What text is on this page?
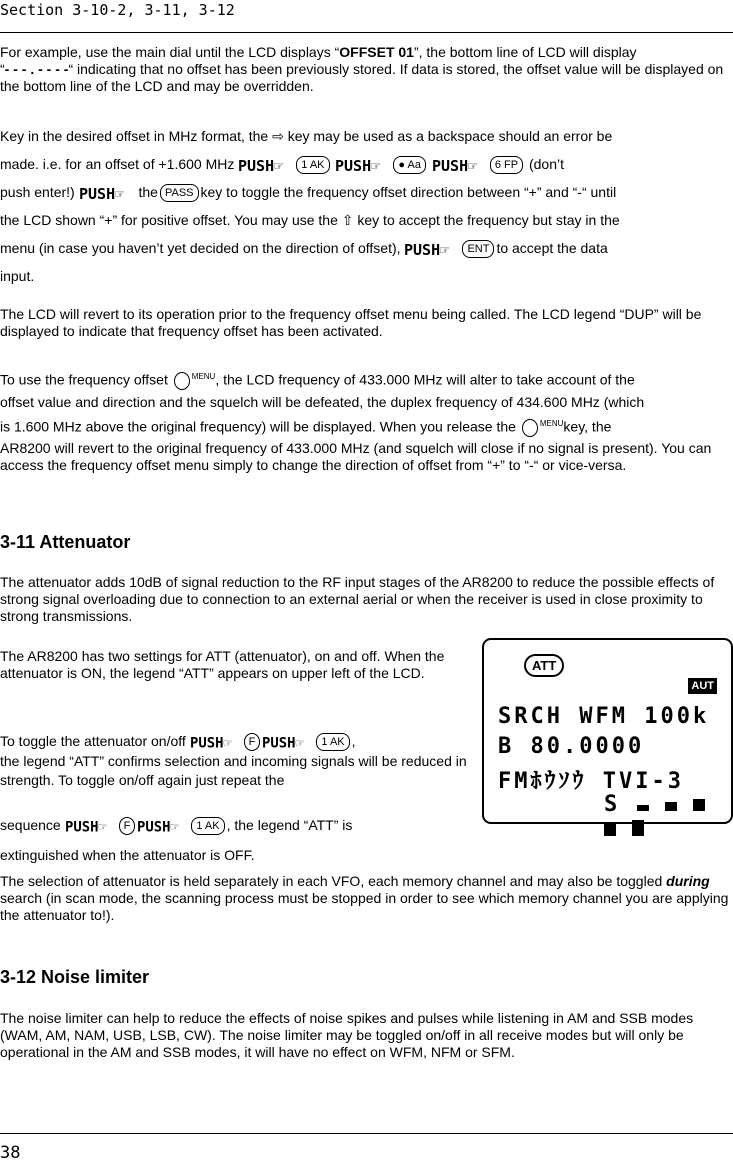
Section 3-10-2, 3-11, 3-12

For example, use the main dial until the LCD displays “OFFSET 01”, the bottom line of LCD will display
“- - - . - - - -“ indicating that no offset has been previously stored. If data is stored, the offset value will be displayed on the bottom line of the LCD and may be overridden.

Key in the desired offset in MHz format, the ⇨ key may be used as a backspace should an error be
made. i.e. for an offset of +1.600 MHz PUSH☞ 1 AK PUSH☞ ● Aa PUSH☞ 6 FP (don’t
push enter!) PUSH☞ the PASS key to toggle the frequency offset direction between “+” and “-“ until
the LCD shown “+” for positive offset. You may use the ⇧ key to accept the frequency but stay in the
menu (in case you haven’t yet decided on the direction of offset), PUSH☞ ENT to accept the data
input.

The LCD will revert to its operation prior to the frequency offset menu being called. The LCD legend “DUP” will be displayed to indicate that frequency offset has been activated.

To use the frequency offset	$^{MENU}$, the LCD frequency of 433.000 MHz will alter to take account of the
offset value and direction and the squelch will be defeated, the duplex frequency of 434.600 MHz (which
is 1.600 MHz above the original frequency) will be displayed. When you release the	$^{MENU}$key, the

AR8200 will revert to the original frequency of 433.000 MHz (and squelch will close if no signal is present). You can access the frequency offset menu simply to change the direction of offset from “+” to “-“ or vice-versa.

3-11 Attenuator

The attenuator adds 10dB of signal reduction to the RF input stages of the AR8200 to reduce the possible effects of strong signal overloading due to connection to an external aerial or when the receiver is used in close proximity to strong transmissions.

The AR8200 has two settings for ATT (attenuator), on and off. When the attenuator is ON, the legend “ATT” appears on upper left of the LCD.

To toggle the attenuator on/off PUSH☞ F PUSH☞ 1 AK ,
the legend “ATT” confirms selection and incoming signals will be reduced in strength. To toggle on/off again just repeat the

sequence PUSH☞ F PUSH☞ 1 AK , the legend “ATT” is
extinguished when the attenuator is OFF.

ATT
AUT
SRCH WFM 100k
B 80.0000
FMﾎｳｿｳ TVI-3
S

The selection of attenuator is held separately in each VFO, each memory channel and may also be toggled during search (in scan mode, the scanning process must be stopped in order to see which memory channel you are applying the attenuator to!).

3-12 Noise limiter

The noise limiter can help to reduce the effects of noise spikes and pulses while listening in AM and SSB modes (WAM, AM, NAM, USB, LSB, CW). The noise limiter may be toggled on/off in all receive modes but will only be operational in the AM and SSB modes, it will have no effect on WFM, NFM or SFM.

38
